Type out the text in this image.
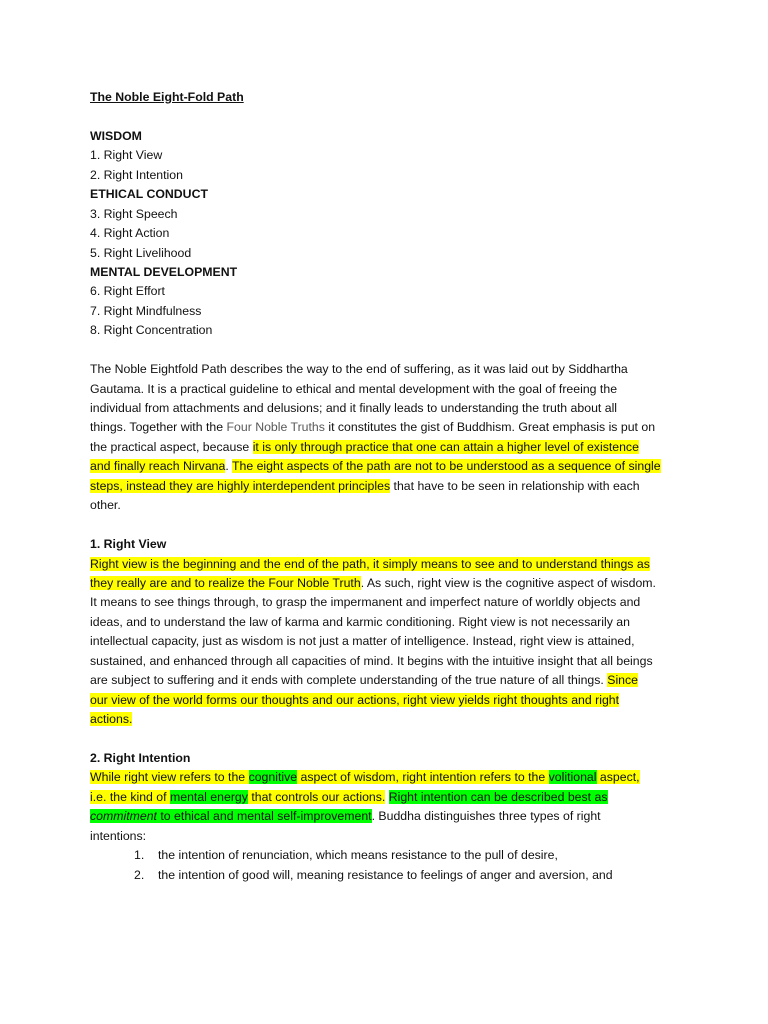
The Noble Eight-Fold Path
WISDOM
1. Right View
2. Right Intention
ETHICAL CONDUCT
3. Right Speech
4. Right Action
5. Right Livelihood
MENTAL DEVELOPMENT
6. Right Effort
7. Right Mindfulness
8. Right Concentration
The Noble Eightfold Path describes the way to the end of suffering, as it was laid out by Siddhartha
Gautama. It is a practical guideline to ethical and mental development with the goal of freeing the
individual from attachments and delusions; and it finally leads to understanding the truth about all
things. Together with the Four Noble Truths it constitutes the gist of Buddhism. Great emphasis is put on
the practical aspect, because it is only through practice that one can attain a higher level of existence
and finally reach Nirvana. The eight aspects of the path are not to be understood as a sequence of single
steps, instead they are highly interdependent principles that have to be seen in relationship with each
other.
1. Right View
Right view is the beginning and the end of the path, it simply means to see and to understand things as
they really are and to realize the Four Noble Truth. As such, right view is the cognitive aspect of wisdom.
It means to see things through, to grasp the impermanent and imperfect nature of worldly objects and
ideas, and to understand the law of karma and karmic conditioning. Right view is not necessarily an
intellectual capacity, just as wisdom is not just a matter of intelligence. Instead, right view is attained,
sustained, and enhanced through all capacities of mind. It begins with the intuitive insight that all beings
are subject to suffering and it ends with complete understanding of the true nature of all things. Since
our view of the world forms our thoughts and our actions, right view yields right thoughts and right
actions.
2. Right Intention
While right view refers to the cognitive aspect of wisdom, right intention refers to the volitional aspect,
i.e. the kind of mental energy that controls our actions. Right intention can be described best as
commitment to ethical and mental self-improvement. Buddha distinguishes three types of right
intentions:
1. the intention of renunciation, which means resistance to the pull of desire,
2. the intention of good will, meaning resistance to feelings of anger and aversion, and
